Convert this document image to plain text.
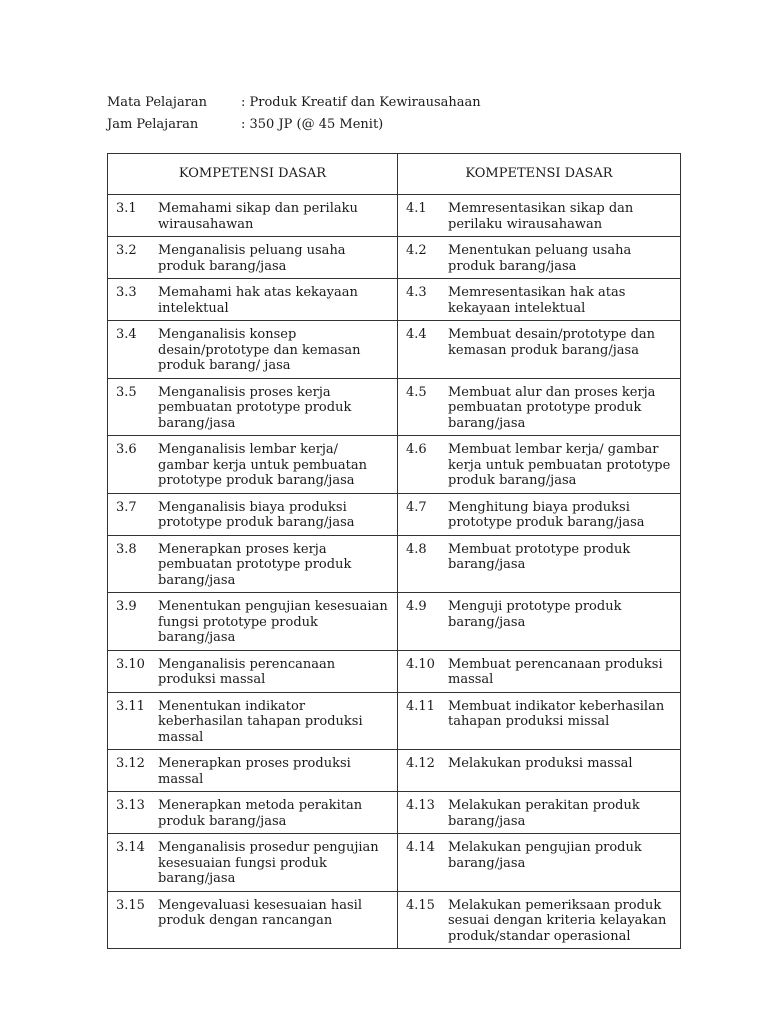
Mata Pelajaran	: Produk Kreatif dan Kewirausahaan
Jam Pelajaran	: 350 JP (@ 45 Menit)
KOMPETENSI DASAR	KOMPETENSI DASAR

3.1 Memahami sikap dan perilaku wirausahawan	4.1 Memresentasikan sikap dan perilaku wirausahawan

3.2 Menganalisis peluang usaha produk barang/jasa	4.2 Menentukan peluang usaha produk barang/jasa

3.3 Memahami hak atas kekayaan intelektual	4.3 Memresentasikan hak atas kekayaan intelektual

3.4 Menganalisis konsep desain/prototype dan kemasan produk barang/ jasa	4.4 Membuat desain/prototype dan kemasan produk barang/jasa

3.5 Menganalisis proses kerja pembuatan prototype produk barang/jasa	4.5 Membuat alur dan proses kerja pembuatan prototype produk barang/jasa

3.6 Menganalisis lembar kerja/ gambar kerja untuk pembuatan prototype produk barang/jasa	4.6 Membuat lembar kerja/ gambar kerja untuk pembuatan prototype produk barang/jasa

3.7 Menganalisis biaya produksi prototype produk barang/jasa	4.7 Menghitung biaya produksi prototype produk barang/jasa

3.8 Menerapkan proses kerja pembuatan prototype produk barang/jasa	4.8 Membuat prototype produk barang/jasa

3.9 Menentukan pengujian kesesuaian fungsi prototype produk barang/jasa	4.9 Menguji prototype produk barang/jasa

3.10 Menganalisis perencanaan produksi massal	4.10 Membuat perencanaan produksi massal

3.11 Menentukan indikator keberhasilan tahapan produksi massal	4.11 Membuat indikator keberhasilan tahapan produksi missal

3.12 Menerapkan proses produksi massal	4.12 Melakukan produksi massal

3.13 Menerapkan metoda perakitan produk barang/jasa	4.13 Melakukan perakitan produk barang/jasa

3.14 Menganalisis prosedur pengujian kesesuaian fungsi produk barang/jasa	4.14 Melakukan pengujian produk barang/jasa

3.15 Mengevaluasi kesesuaian hasil produk dengan rancangan	4.15 Melakukan pemeriksaan produk sesuai dengan kriteria kelayakan produk/standar operasional
